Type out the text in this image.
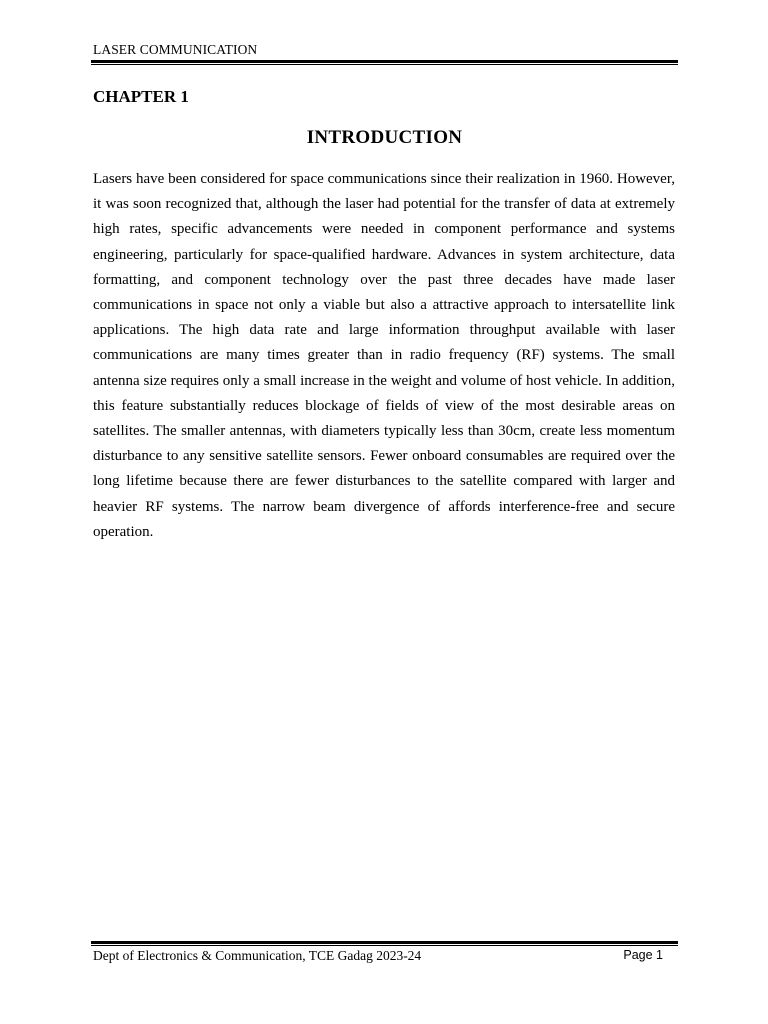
LASER COMMUNICATION
CHAPTER 1
INTRODUCTION

Lasers have been considered for space communications since their realization in 1960. However, it was soon recognized that, although the laser had potential for the transfer of data at extremely high rates, specific advancements were needed in component performance and systems engineering, particularly for space-qualified hardware. Advances in system architecture, data formatting, and component technology over the past three decades have made laser communications in space not only a viable but also a attractive approach to intersatellite link applications. The high data rate and large information throughput available with laser communications are many times greater than in radio frequency (RF) systems. The small antenna size requires only a small increase in the weight and volume of host vehicle. In addition, this feature substantially reduces blockage of fields of view of the most desirable areas on satellites. The smaller antennas, with diameters typically less than 30cm, create less momentum disturbance to any sensitive satellite sensors. Fewer onboard consumables are required over the long lifetime because there are fewer disturbances to the satellite compared with larger and heavier RF systems. The narrow beam divergence of affords interference-free and secure operation.

Dept of Electronics & Communication, TCE Gadag 2023-24	Page 1
